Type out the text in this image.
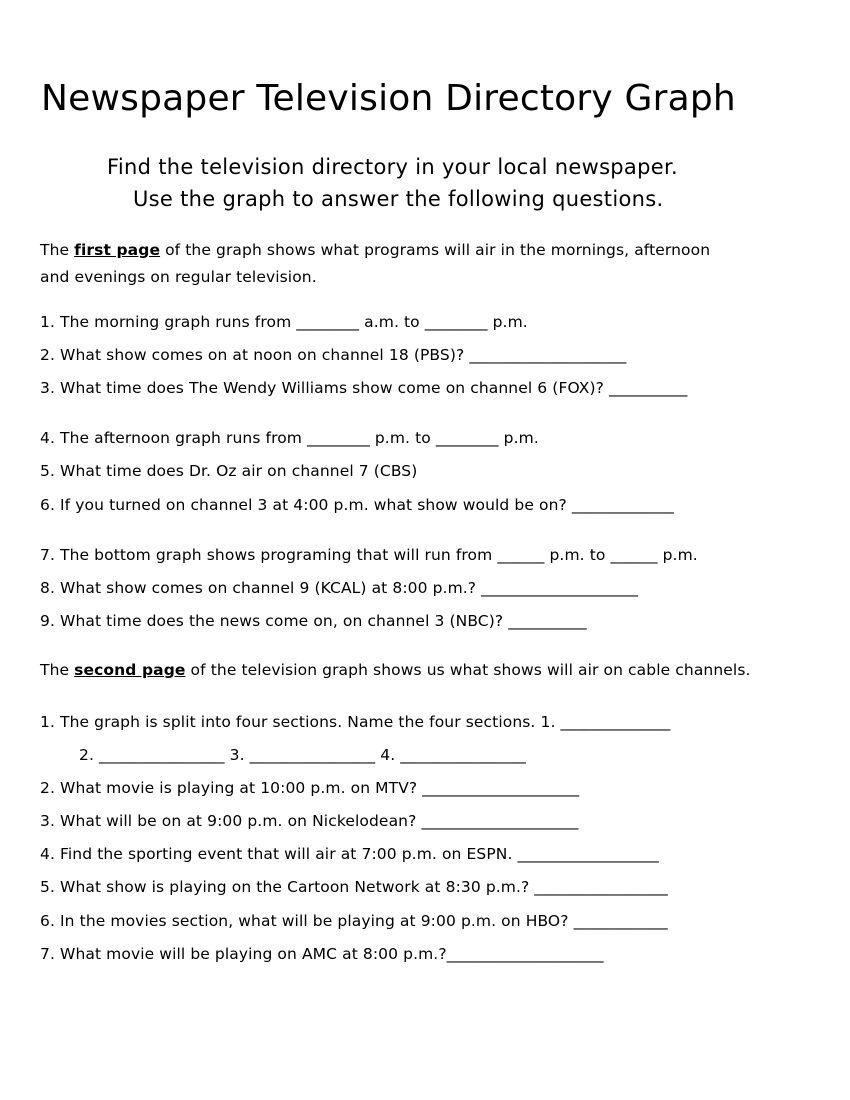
Newspaper Television Directory Graph
Find the television directory in your local newspaper.
Use the graph to answer the following questions.
The first page of the graph shows what programs will air in the mornings, afternoon
and evenings on regular television.
1. The morning graph runs from ________ a.m. to ________ p.m.
2. What show comes on at noon on channel 18 (PBS)? ____________________
3. What time does The Wendy Williams show come on channel 6 (FOX)? __________
4. The afternoon graph runs from ________ p.m. to ________ p.m.
5. What time does Dr. Oz air on channel 7 (CBS)
6. If you turned on channel 3 at 4:00 p.m. what show would be on? _____________
7. The bottom graph shows programing that will run from ______ p.m. to ______ p.m.
8. What show comes on channel 9 (KCAL) at 8:00 p.m.? ____________________
9. What time does the news come on, on channel 3 (NBC)? __________
The second page of the television graph shows us what shows will air on cable channels.
1. The graph is split into four sections. Name the four sections. 1. ______________
2. ________________ 3. ________________ 4. ________________
2. What movie is playing at 10:00 p.m. on MTV? ____________________
3. What will be on at 9:00 p.m. on Nickelodean? ____________________
4. Find the sporting event that will air at 7:00 p.m. on ESPN. __________________
5. What show is playing on the Cartoon Network at 8:30 p.m.? _________________
6. In the movies section, what will be playing at 9:00 p.m. on HBO? ____________
7. What movie will be playing on AMC at 8:00 p.m.?____________________
